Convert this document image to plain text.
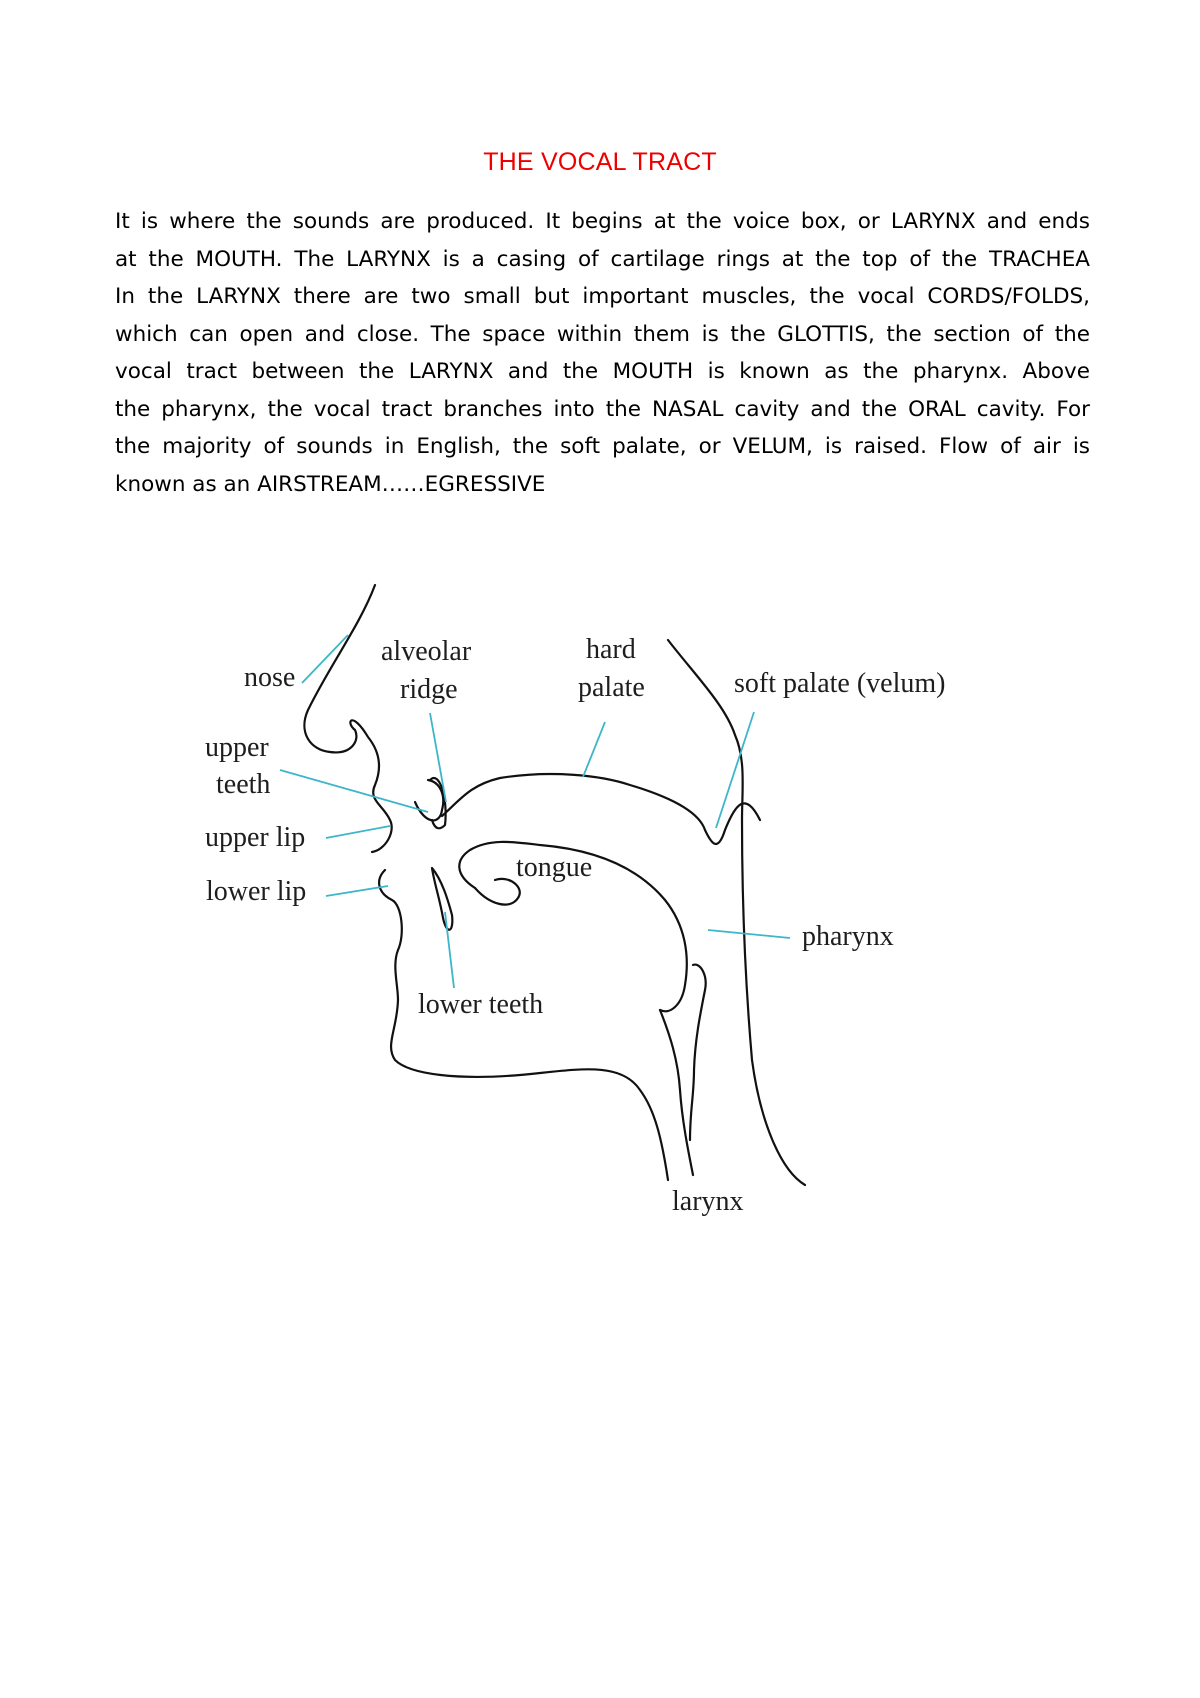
THE VOCAL TRACT
It is where the sounds are produced. It begins at the voice box, or LARYNX and ends
at the MOUTH. The LARYNX is a casing of cartilage rings at the top of the TRACHEA
In the LARYNX there are two small but important muscles, the vocal CORDS/FOLDS,
which can open and close. The space within them is the GLOTTIS, the section of the
vocal tract between the LARYNX and the MOUTH is known as the pharynx. Above
the pharynx, the vocal tract branches into the NASAL cavity and the ORAL cavity. For
the majority of sounds in English, the soft palate, or VELUM, is raised. Flow of air is
known as an AIRSTREAM……EGRESSIVE
nose
alveolar
ridge
hard
palate	soft palate (velum)
upper
teeth
upper lip
lower lip
tongue
pharynx
lower teeth
larynx
